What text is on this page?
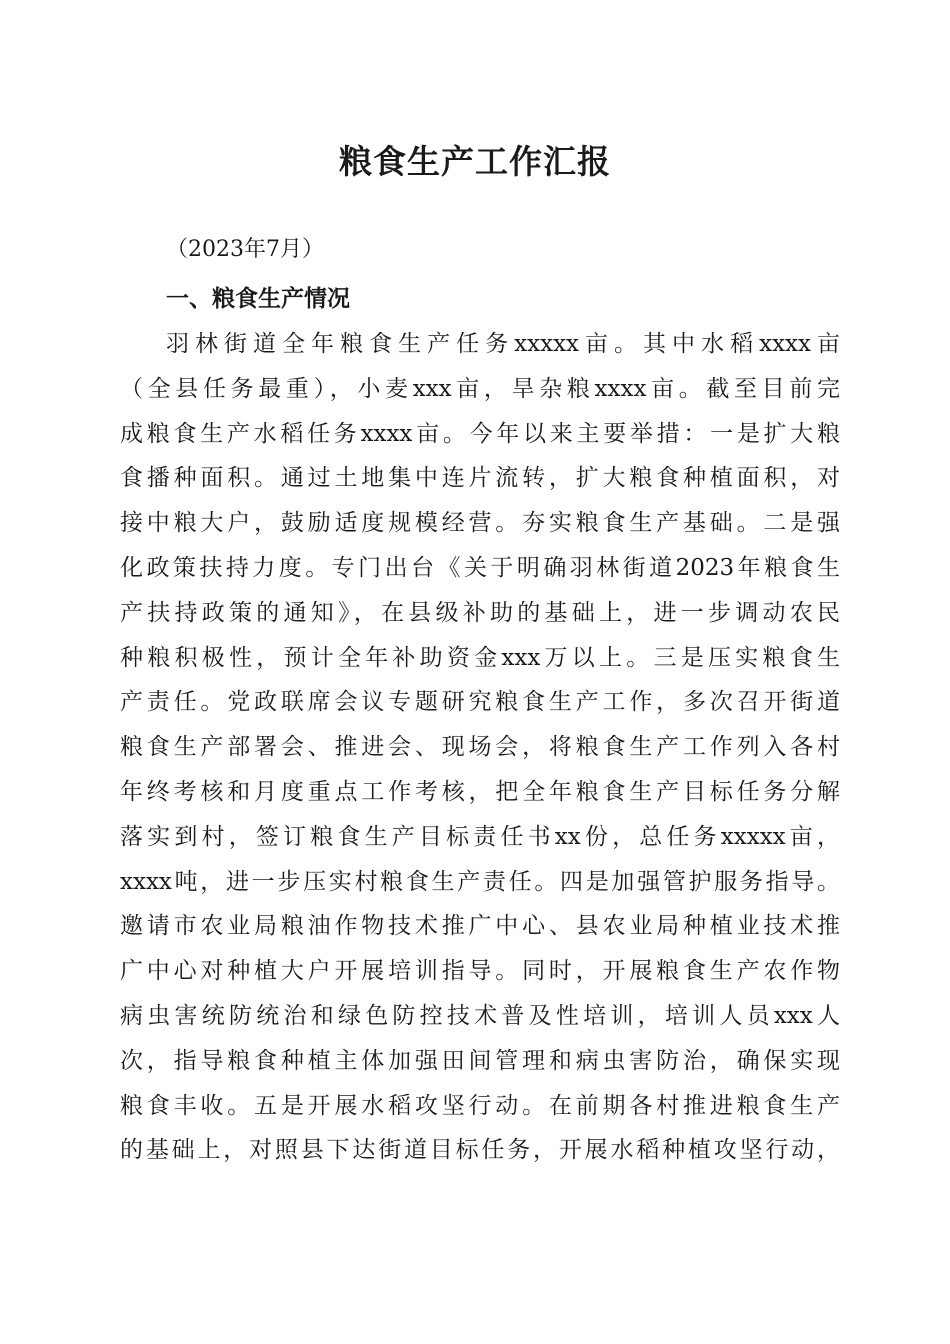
粮食生产工作汇报

（2023年7月）

一、粮食生产情况
羽林街道全年粮食生产任务xxxxx亩。其中水稻xxxx亩
（全县任务最重），小麦xxx亩，旱杂粮xxxx亩。截至目前完
成粮食生产水稻任务xxxx亩。今年以来主要举措：一是扩大粮
食播种面积。通过土地集中连片流转，扩大粮食种植面积，对
接中粮大户，鼓励适度规模经营。夯实粮食生产基础。二是强
化政策扶持力度。专门出台《关于明确羽林街道2023年粮食生
产扶持政策的通知》，在县级补助的基础上，进一步调动农民
种粮积极性，预计全年补助资金xxx万以上。三是压实粮食生
产责任。党政联席会议专题研究粮食生产工作，多次召开街道
粮食生产部署会、推进会、现场会，将粮食生产工作列入各村
年终考核和月度重点工作考核，把全年粮食生产目标任务分解
落实到村，签订粮食生产目标责任书xx份，总任务xxxxx亩，
xxxx吨，进一步压实村粮食生产责任。四是加强管护服务指导。
邀请市农业局粮油作物技术推广中心、县农业局种植业技术推
广中心对种植大户开展培训指导。同时，开展粮食生产农作物
病虫害统防统治和绿色防控技术普及性培训，培训人员xxx人
次，指导粮食种植主体加强田间管理和病虫害防治，确保实现
粮食丰收。五是开展水稻攻坚行动。在前期各村推进粮食生产
的基础上，对照县下达街道目标任务，开展水稻种植攻坚行动，
